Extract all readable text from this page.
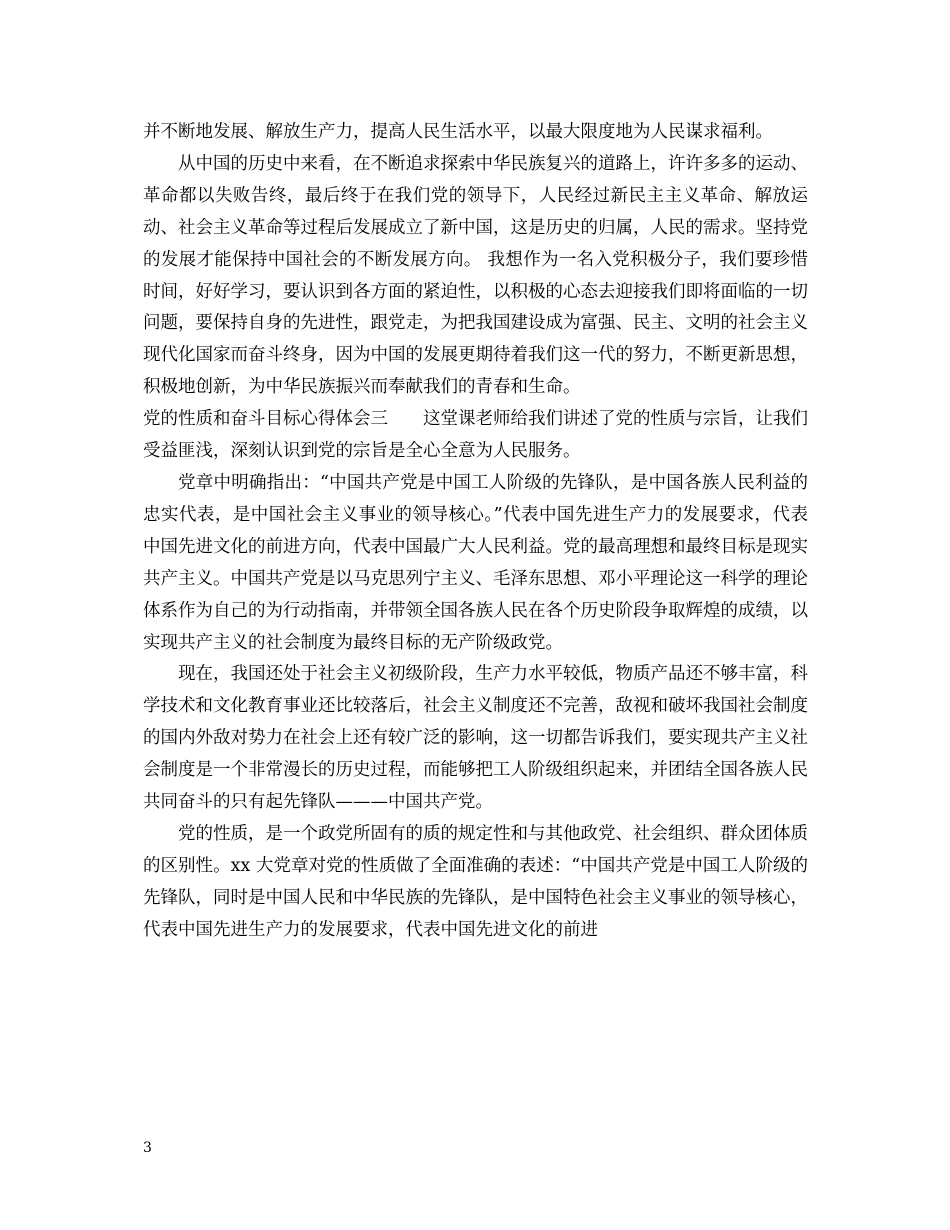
并不断地发展、解放生产力，提高人民生活水平，以最大限度地为人民谋求福利。

从中国的历史中来看，在不断追求探索中华民族复兴的道路上，许许多多的运动、革命都以失败告终，最后终于在我们党的领导下，人民经过新民主主义革命、解放运动、社会主义革命等过程后发展成立了新中国，这是历史的归属，人民的需求。坚持党的发展才能保持中国社会的不断发展方向。 我想作为一名入党积极分子，我们要珍惜时间，好好学习，要认识到各方面的紧迫性，以积极的心态去迎接我们即将面临的一切问题，要保持自身的先进性，跟党走，为把我国建设成为富强、民主、文明的社会主义现代化国家而奋斗终身，因为中国的发展更期待着我们这一代的努力，不断更新思想，积极地创新，为中华民族振兴而奉献我们的青春和生命。

党的性质和奋斗目标心得体会三　　这堂课老师给我们讲述了党的性质与宗旨，让我们受益匪浅，深刻认识到党的宗旨是全心全意为人民服务。

党章中明确指出：“中国共产党是中国工人阶级的先锋队，是中国各族人民利益的忠实代表，是中国社会主义事业的领导核心。”代表中国先进生产力的发展要求，代表中国先进文化的前进方向，代表中国最广大人民利益。党的最高理想和最终目标是现实共产主义。中国共产党是以马克思列宁主义、毛泽东思想、邓小平理论这一科学的理论体系作为自己的为行动指南，并带领全国各族人民在各个历史阶段争取辉煌的成绩，以实现共产主义的社会制度为最终目标的无产阶级政党。

现在，我国还处于社会主义初级阶段，生产力水平较低，物质产品还不够丰富，科学技术和文化教育事业还比较落后，社会主义制度还不完善，敌视和破坏我国社会制度的国内外敌对势力在社会上还有较广泛的影响，这一切都告诉我们，要实现共产主义社会制度是一个非常漫长的历史过程，而能够把工人阶级组织起来，并团结全国各族人民共同奋斗的只有起先锋队———中国共产党。

党的性质，是一个政党所固有的质的规定性和与其他政党、社会组织、群众团体质的区别性。xx 大党章对党的性质做了全面准确的表述：“中国共产党是中国工人阶级的先锋队，同时是中国人民和中华民族的先锋队，是中国特色社会主义事业的领导核心，代表中国先进生产力的发展要求，代表中国先进文化的前进

3
